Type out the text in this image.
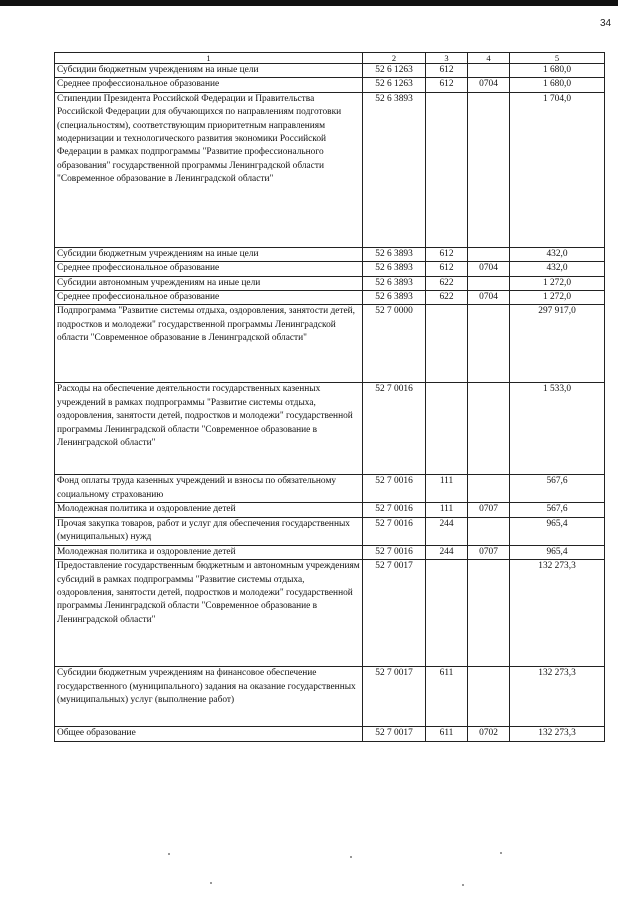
34
1	2	3	4	5
Субсидии бюджетным учреждениям на иные цели	52 6 1263	612		1 680,0
Среднее профессиональное образование	52 6 1263	612	0704	1 680,0
Стипендии Президента Российской Федерации и Правительства Российской Федерации для обучающихся по направлениям подготовки (специальностям), соответствующим приоритетным направлениям модернизации и технологического развития экономики Российской Федерации в рамках подпрограммы "Развитие профессионального образования" государственной программы Ленинградской области "Современное образование в Ленинградской области"	52 6 3893			1 704,0
Субсидии бюджетным учреждениям на иные цели	52 6 3893	612		432,0
Среднее профессиональное образование	52 6 3893	612	0704	432,0
Субсидии автономным учреждениям на иные цели	52 6 3893	622		1 272,0
Среднее профессиональное образование	52 6 3893	622	0704	1 272,0
Подпрограмма "Развитие системы отдыха, оздоровления, занятости детей, подростков и молодежи" государственной программы Ленинградской области "Современное образование в Ленинградской области"	52 7 0000			297 917,0
Расходы на обеспечение деятельности государственных казенных учреждений в рамках подпрограммы "Развитие системы отдыха, оздоровления, занятости детей, подростков и молодежи" государственной программы Ленинградской области "Современное образование в Ленинградской области"	52 7 0016			1 533,0
Фонд оплаты труда казенных учреждений и взносы по обязательному социальному страхованию	52 7 0016	111		567,6
Молодежная политика и оздоровление детей	52 7 0016	111	0707	567,6
Прочая закупка товаров, работ и услуг для обеспечения государственных (муниципальных) нужд	52 7 0016	244		965,4
Молодежная политика и оздоровление детей	52 7 0016	244	0707	965,4
Предоставление государственным бюджетным и автономным учреждениям субсидий в рамках подпрограммы "Развитие системы отдыха, оздоровления, занятости детей, подростков и молодежи" государственной программы Ленинградской области "Современное образование в Ленинградской области"	52 7 0017			132 273,3
Субсидии бюджетным учреждениям на финансовое обеспечение государственного (муниципального) задания на оказание государственных (муниципальных) услуг (выполнение работ)	52 7 0017	611		132 273,3
Общее образование	52 7 0017	611	0702	132 273,3
